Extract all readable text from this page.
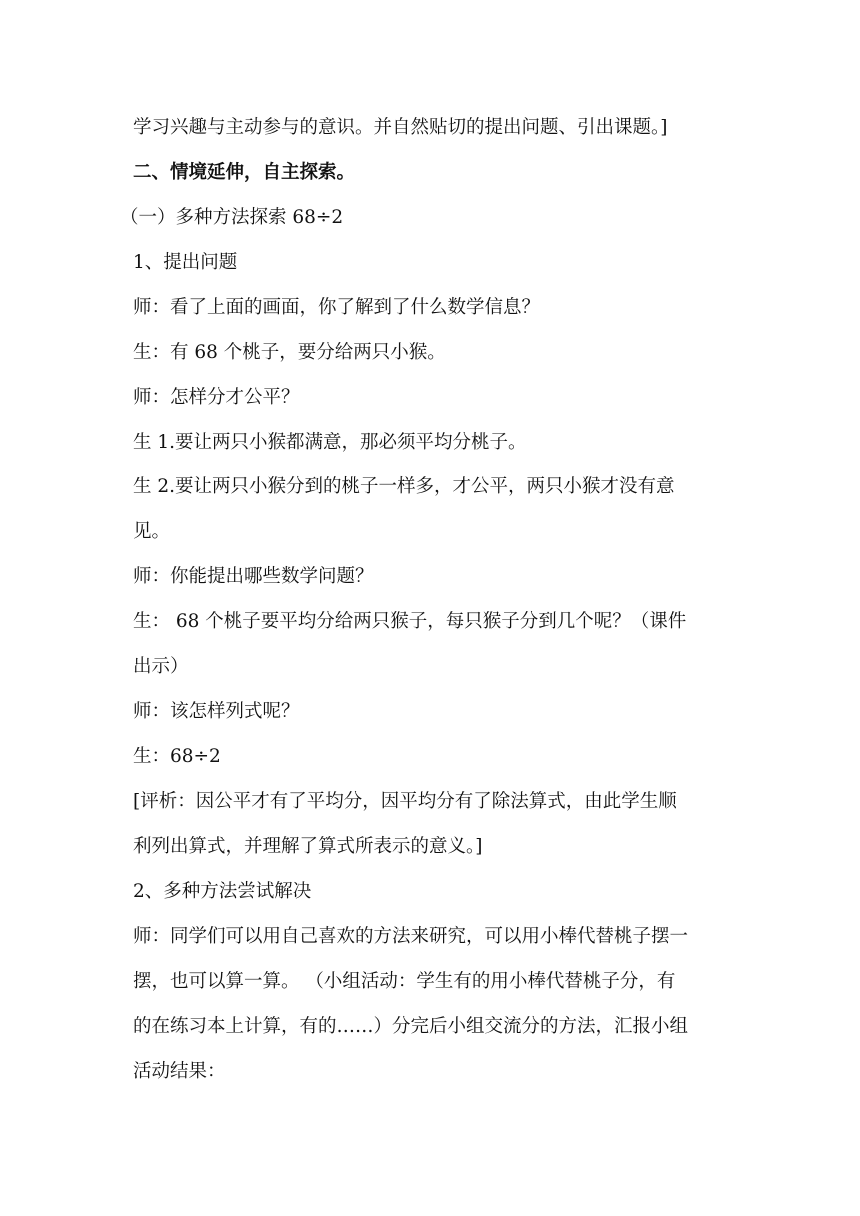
学习兴趣与主动参与的意识。并自然贴切的提出问题、引出课题。]
二、情境延伸，自主探索。
（一）多种方法探索 68÷2
1、提出问题
师：看了上面的画面，你了解到了什么数学信息？
生：有 68 个桃子，要分给两只小猴。
师：怎样分才公平？
生 1.要让两只小猴都满意，那必须平均分桃子。
生 2.要让两只小猴分到的桃子一样多，才公平，两只小猴才没有意
见。
师：你能提出哪些数学问题？
生： 68 个桃子要平均分给两只猴子，每只猴子分到几个呢？（课件
出示）
师：该怎样列式呢？
生：68÷2
[评析：因公平才有了平均分，因平均分有了除法算式，由此学生顺
利列出算式，并理解了算式所表示的意义。]
2、多种方法尝试解决
师：同学们可以用自己喜欢的方法来研究，可以用小棒代替桃子摆一
摆，也可以算一算。 （小组活动：学生有的用小棒代替桃子分，有
的在练习本上计算，有的……）分完后小组交流分的方法，汇报小组
活动结果：
